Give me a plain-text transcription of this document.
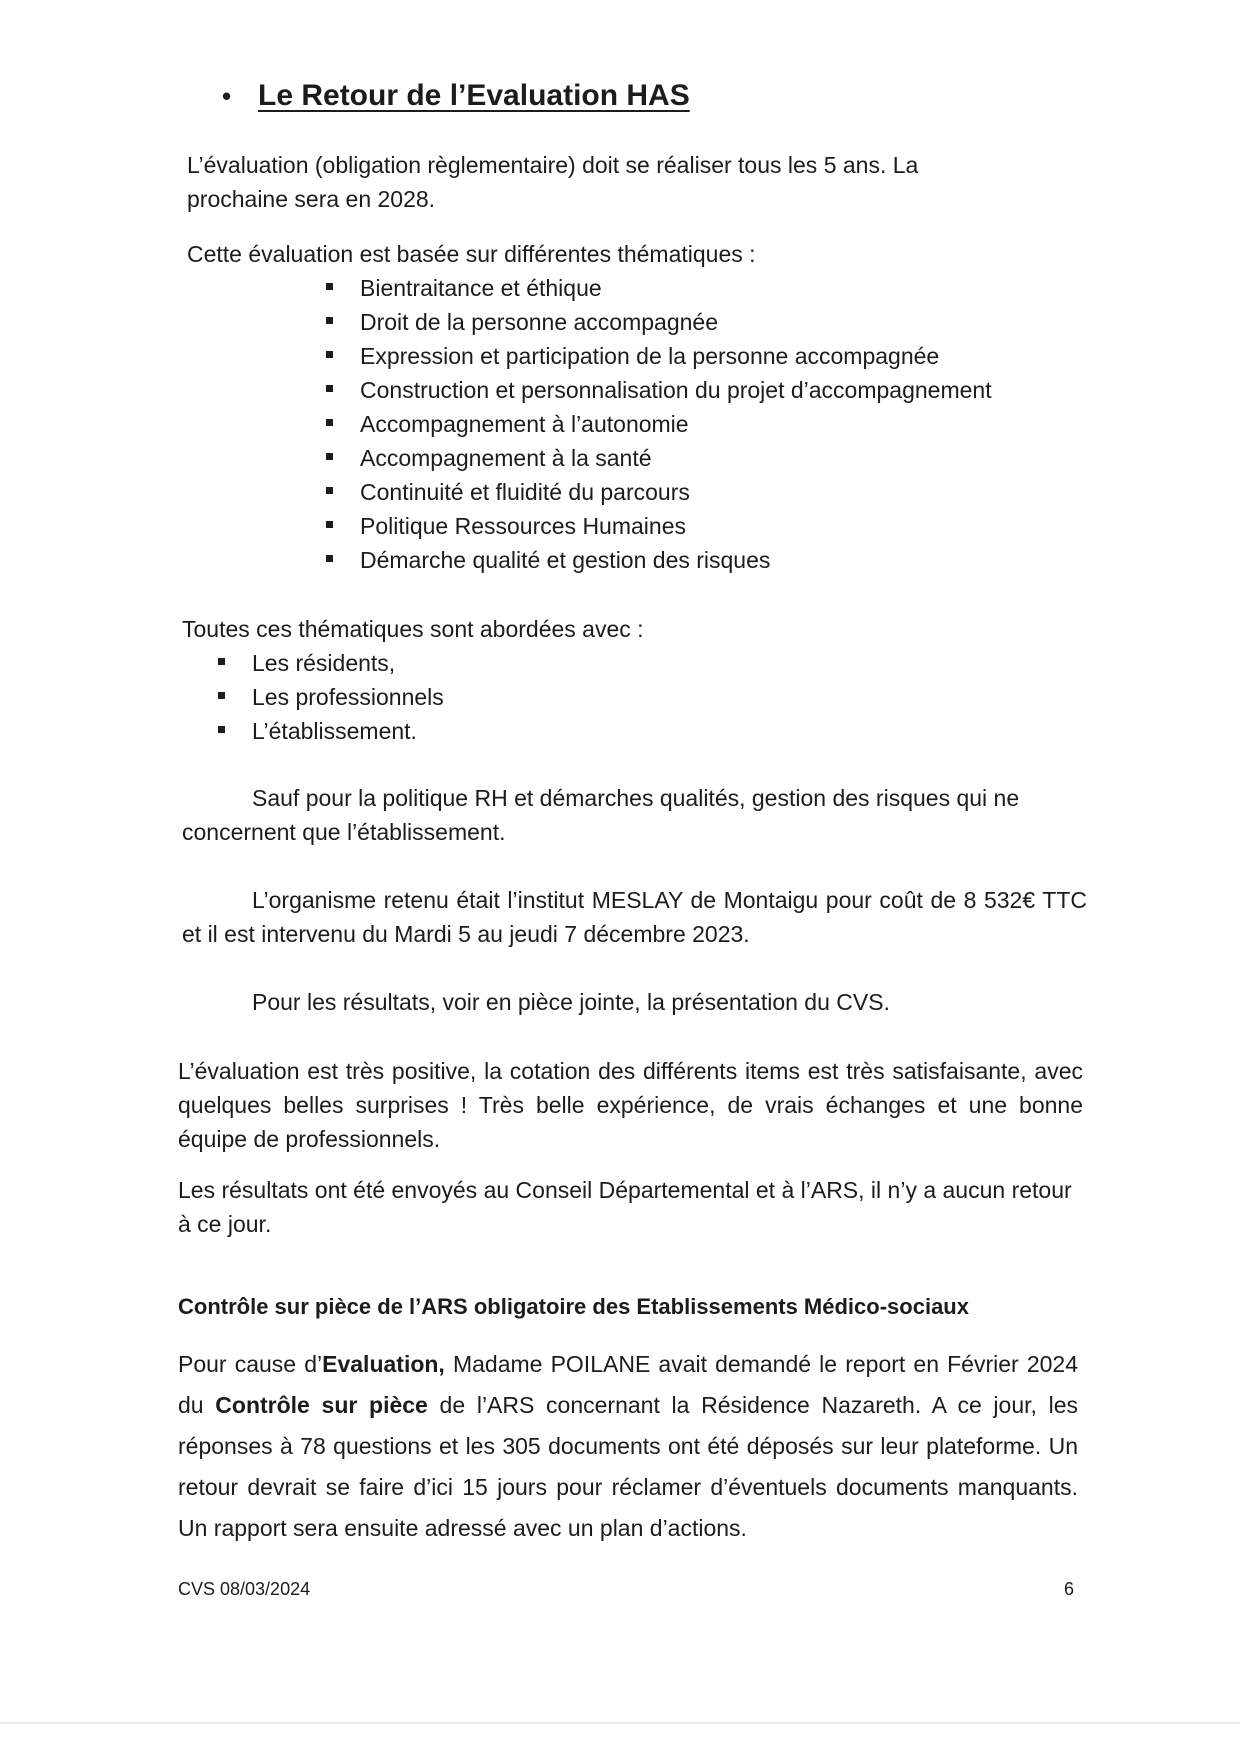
• Le Retour de l’Evaluation HAS
L’évaluation (obligation règlementaire) doit se réaliser tous les 5 ans. La prochaine sera en 2028.
Cette évaluation est basée sur différentes thématiques :
Bientraitance et éthique
Droit de la personne accompagnée
Expression et participation de la personne accompagnée
Construction et personnalisation du projet d’accompagnement
Accompagnement à l’autonomie
Accompagnement à la santé
Continuité et fluidité du parcours
Politique Ressources Humaines
Démarche qualité et gestion des risques
Toutes ces thématiques sont abordées avec :
Les résidents,
Les professionnels
L’établissement.
Sauf pour la politique RH et démarches qualités, gestion des risques qui ne concernent que l’établissement.
L’organisme retenu était l’institut MESLAY de Montaigu pour coût de 8 532€ TTC et il est intervenu du Mardi 5 au jeudi 7 décembre 2023.
Pour les résultats, voir en pièce jointe, la présentation du CVS.
L’évaluation est très positive, la cotation des différents items est très satisfaisante, avec quelques belles surprises ! Très belle expérience, de vrais échanges et une bonne équipe de professionnels.
Les résultats ont été envoyés au Conseil Départemental et à l’ARS, il n’y a aucun retour à ce jour.
Contrôle sur pièce de l’ARS obligatoire des Etablissements Médico-sociaux
Pour cause d’Evaluation, Madame POILANE avait demandé le report en Février 2024 du Contrôle sur pièce de l’ARS concernant la Résidence Nazareth. A ce jour, les réponses à 78 questions et les 305 documents ont été déposés sur leur plateforme. Un retour devrait se faire d’ici 15 jours pour réclamer d’éventuels documents manquants. Un rapport sera ensuite adressé avec un plan d’actions.
CVS 08/03/2024	6
